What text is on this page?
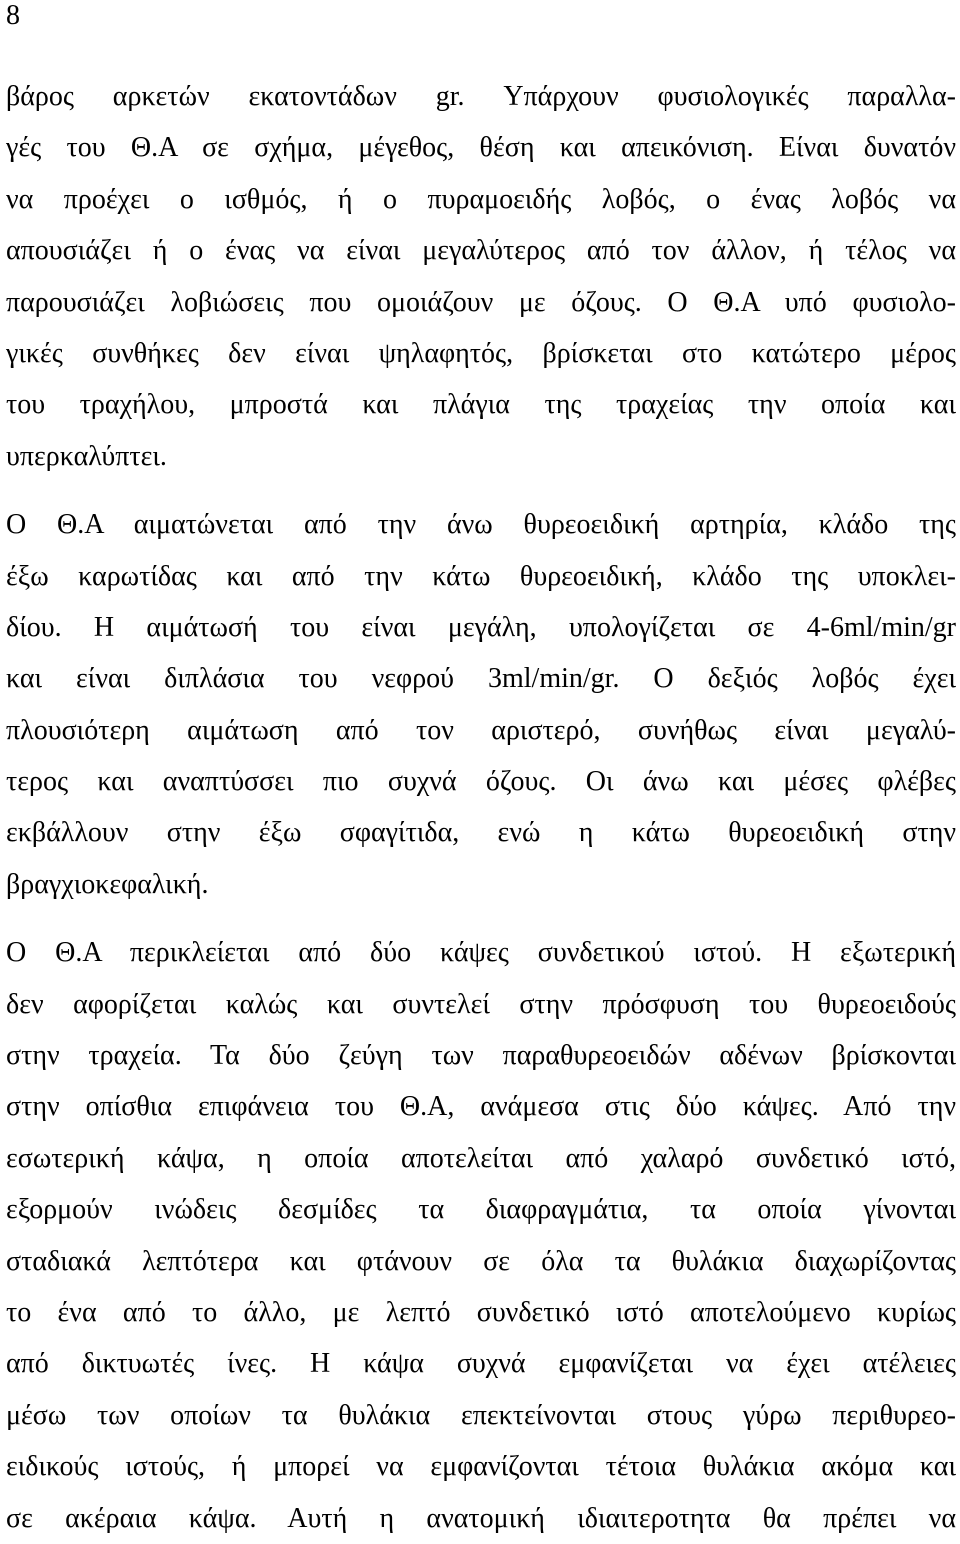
8
βάρος αρκετών εκατοντάδων gr. Υπάρχουν φυσιολογικές παραλλα-
γές του Θ.Α σε σχήμα, μέγεθος, θέση και απεικόνιση. Είναι δυνατόν
να προέχει ο ισθμός, ή ο πυραμοειδής λοβός, ο ένας λοβός να
απουσιάζει ή ο ένας να είναι μεγαλύτερος από τον άλλον, ή τέλος να
παρουσιάζει λοβιώσεις που ομοιάζουν με όζους. Ο Θ.Α υπό φυσιολο-
γικές συνθήκες δεν είναι ψηλαφητός, βρίσκεται στο κατώτερο μέρος
του τραχήλου, μπροστά και πλάγια της τραχείας την οποία και
υπερκαλύπτει.
Ο Θ.Α αιματώνεται από την άνω θυρεοειδική αρτηρία, κλάδο της
έξω καρωτίδας και από την κάτω θυρεοειδική, κλάδο της υποκλει-
δίου. Η αιμάτωσή του είναι μεγάλη, υπολογίζεται σε 4-6ml/min/gr
και είναι διπλάσια του νεφρού 3ml/min/gr. Ο δεξιός λοβός έχει
πλουσιότερη αιμάτωση από τον αριστερό, συνήθως είναι μεγαλύ-
τερος και αναπτύσσει πιο συχνά όζους. Οι άνω και μέσες φλέβες
εκβάλλουν στην έξω σφαγίτιδα, ενώ η κάτω θυρεοειδική στην
βραγχιοκεφαλική.
Ο Θ.Α περικλείεται από δύο κάψες συνδετικού ιστού. Η εξωτερική
δεν αφορίζεται καλώς και συντελεί στην πρόσφυση του θυρεοειδούς
στην τραχεία. Τα δύο ζεύγη των παραθυρεοειδών αδένων βρίσκονται
στην οπίσθια επιφάνεια του Θ.Α, ανάμεσα στις δύο κάψες. Από την
εσωτερική κάψα, η οποία αποτελείται από χαλαρό συνδετικό ιστό,
εξορμούν ινώδεις δεσμίδες τα διαφραγμάτια, τα οποία γίνονται
σταδιακά λεπτότερα και φτάνουν σε όλα τα θυλάκια διαχωρίζοντας
το ένα από το άλλο, με λεπτό συνδετικό ιστό αποτελούμενο κυρίως
από δικτυωτές ίνες. Η κάψα συχνά εμφανίζεται να έχει ατέλειες
μέσω των οποίων τα θυλάκια επεκτείνονται στους γύρω περιθυρεο-
ειδικούς ιστούς, ή μπορεί να εμφανίζονται τέτοια θυλάκια ακόμα και
σε ακέραια κάψα. Αυτή η ανατομική ιδιαιτεροτητα θα πρέπει να
